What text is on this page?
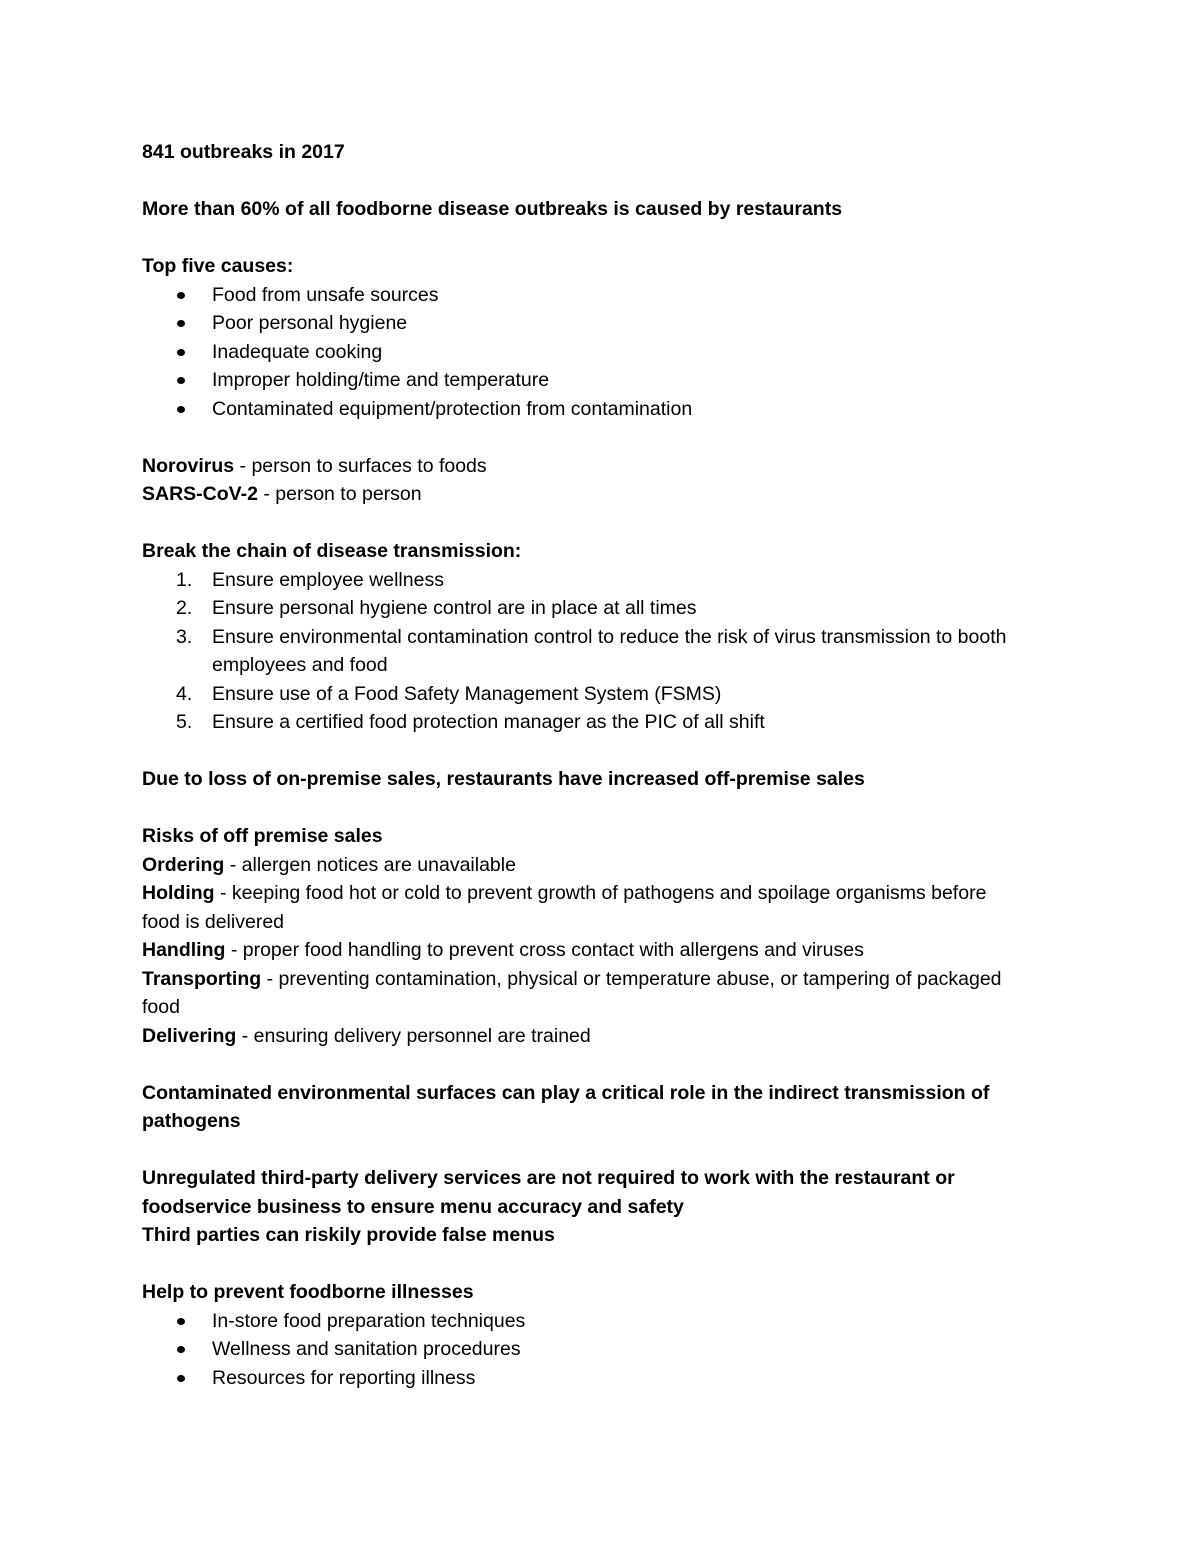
841 outbreaks in 2017
More than 60% of all foodborne disease outbreaks is caused by restaurants
Top five causes:
Food from unsafe sources
Poor personal hygiene
Inadequate cooking
Improper holding/time and temperature
Contaminated equipment/protection from contamination
Norovirus - person to surfaces to foods
SARS-CoV-2 - person to person
Break the chain of disease transmission:
1.	Ensure employee wellness
2.	Ensure personal hygiene control are in place at all times
3.	Ensure environmental contamination control to reduce the risk of virus transmission to booth employees and food
4.	Ensure use of a Food Safety Management System (FSMS)
5.	Ensure a certified food protection manager as the PIC of all shift
Due to loss of on-premise sales, restaurants have increased off-premise sales
Risks of off premise sales
Ordering - allergen notices are unavailable
Holding - keeping food hot or cold to prevent growth of pathogens and spoilage organisms before food is delivered
Handling - proper food handling to prevent cross contact with allergens and viruses
Transporting - preventing contamination, physical or temperature abuse, or tampering of packaged food
Delivering - ensuring delivery personnel are trained
Contaminated environmental surfaces can play a critical role in the indirect transmission of pathogens
Unregulated third-party delivery services are not required to work with the restaurant or foodservice business to ensure menu accuracy and safety
Third parties can riskily provide false menus
Help to prevent foodborne illnesses
In-store food preparation techniques
Wellness and sanitation procedures
Resources for reporting illness
